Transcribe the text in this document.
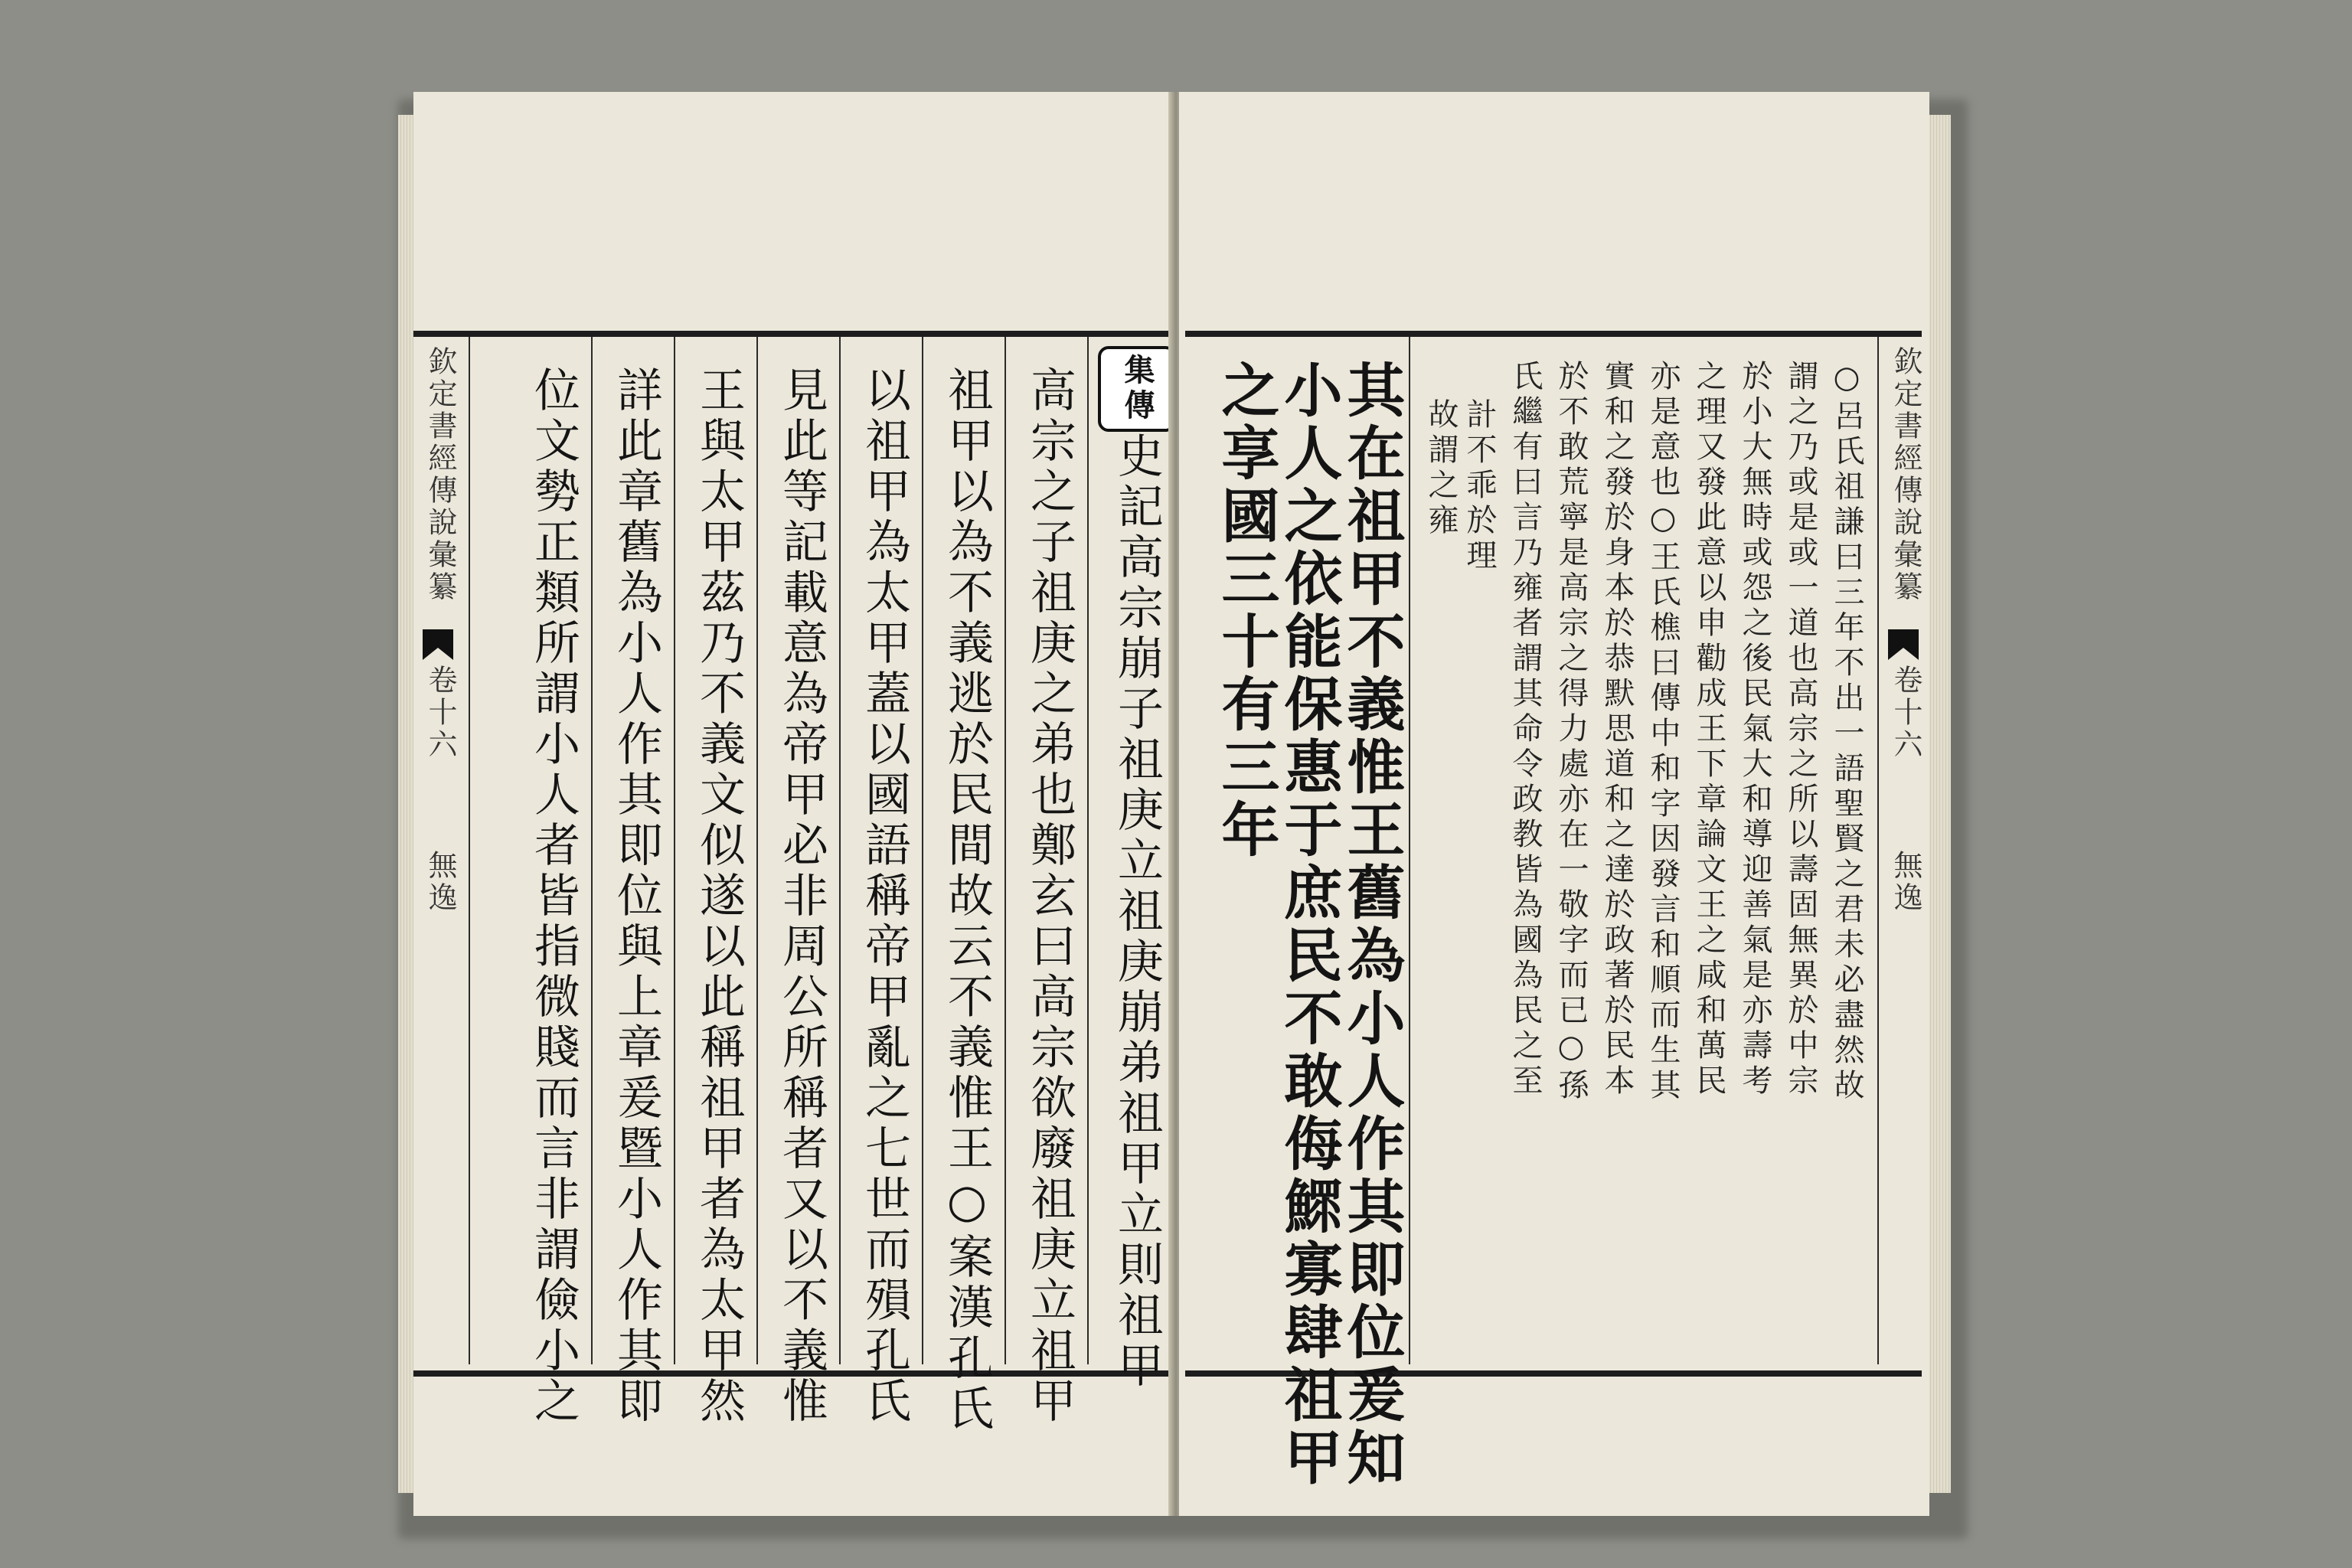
欽定書經傳說彙纂
卷十六
無逸
集傳史記高宗崩子祖庚立祖庚崩弟祖甲立則祖甲
高宗之子祖庚之弟也鄭玄曰高宗欲廢祖庚立祖甲
祖甲以為不義逃於民間故云不義惟王○案漢孔氏
以祖甲為太甲蓋以國語稱帝甲亂之七世而殞孔氏
見此等記載意為帝甲必非周公所稱者又以不義惟
王與太甲茲乃不義文似遂以此稱祖甲者為太甲然
詳此章舊為小人作其即位與上章爰暨小人作其即
位文勢正類所謂小人者皆指微賤而言非謂儉小之	其在祖甲不義惟王舊為小人作其即位爰知
小人之依能保惠于庶民不敢侮鰥寡肆祖甲
之享國三十有三年	○呂氏祖謙曰三年不出一語聖賢之君未必盡然故
謂之乃或是或一道也高宗之所以壽固無異於中宗
於小大無時或怨之後民氣大和導迎善氣是亦壽考
之理又發此意以申勸成王下章論文王之咸和萬民
亦是意也○王氏樵曰傳中和字因發言和順而生其
實和之發於身本於恭默思道和之達於政著於民本
於不敢荒寧是高宗之得力處亦在一敬字而已○孫
氏繼有曰言乃雍者謂其命令政教皆為國為民之至
計不乖於理
故謂之雍	欽定書經傳說彙纂
卷十六
無逸
